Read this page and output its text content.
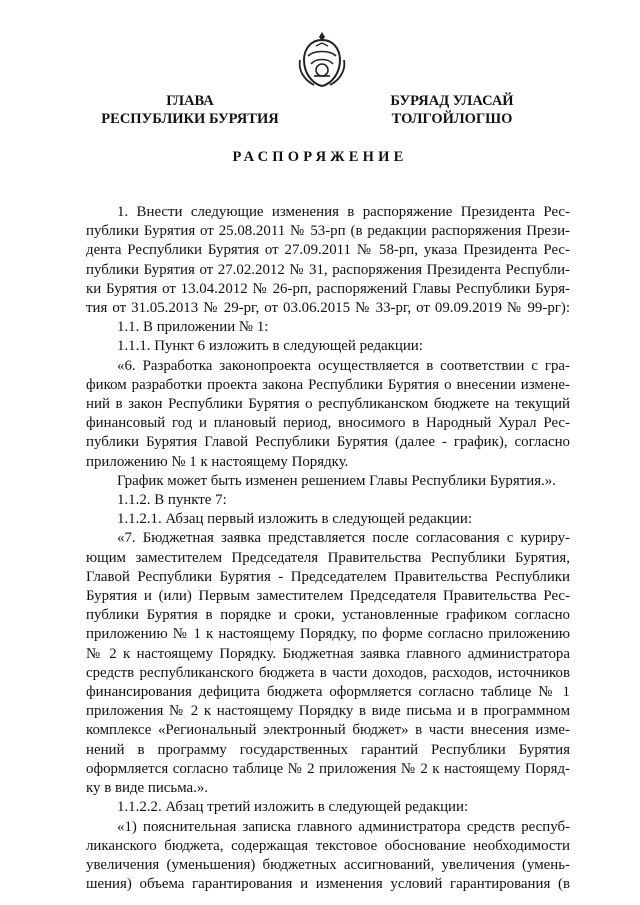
ГЛАВА
РЕСПУБЛИКИ БУРЯТИЯ
БУРЯАД УЛАСАЙ
ТОЛГОЙЛОГШО
РАСПОРЯЖЕНИЕ
1. Внести следующие изменения в распоряжение Президента Рес-
публики Бурятия от 25.08.2011 № 53-рп (в редакции распоряжения Прези-
дента Республики Бурятия от 27.09.2011 № 58-рп, указа Президента Рес-
публики Бурятия от 27.02.2012 № 31, распоряжения Президента Республи-
ки Бурятия от 13.04.2012 № 26-рп, распоряжений Главы Республики Буря-
тия от 31.05.2013 № 29-рг, от 03.06.2015 № 33-рг, от 09.09.2019 № 99-рг):
1.1. В приложении № 1:
1.1.1. Пункт 6 изложить в следующей редакции:
«6. Разработка законопроекта осуществляется в соответствии с гра-
фиком разработки проекта закона Республики Бурятия о внесении измене-
ний в закон Республики Бурятия о республиканском бюджете на текущий
финансовый год и плановый период, вносимого в Народный Хурал Рес-
публики Бурятия Главой Республики Бурятия (далее - график), согласно
приложению № 1 к настоящему Порядку.
График может быть изменен решением Главы Республики Бурятия.».
1.1.2. В пункте 7:
1.1.2.1. Абзац первый изложить в следующей редакции:
«7. Бюджетная заявка представляется после согласования с куриру-
ющим заместителем Председателя Правительства Республики Бурятия,
Главой Республики Бурятия - Председателем Правительства Республики
Бурятия и (или) Первым заместителем Председателя Правительства Рес-
публики Бурятия в порядке и сроки, установленные графиком согласно
приложению № 1 к настоящему Порядку, по форме согласно приложению
№ 2 к настоящему Порядку. Бюджетная заявка главного администратора
средств республиканского бюджета в части доходов, расходов, источников
финансирования дефицита бюджета оформляется согласно таблице № 1
приложения № 2 к настоящему Порядку в виде письма и в программном
комплексе «Региональный электронный бюджет» в части внесения изме-
нений в программу государственных гарантий Республики Бурятия
оформляется согласно таблице № 2 приложения № 2 к настоящему Поряд-
ку в виде письма.».
1.1.2.2. Абзац третий изложить в следующей редакции:
«1) пояснительная записка главного администратора средств респуб-
ликанского бюджета, содержащая текстовое обоснование необходимости
увеличения (уменьшения) бюджетных ассигнований, увеличения (умень-
шения) объема гарантирования и изменения условий гарантирования (в
